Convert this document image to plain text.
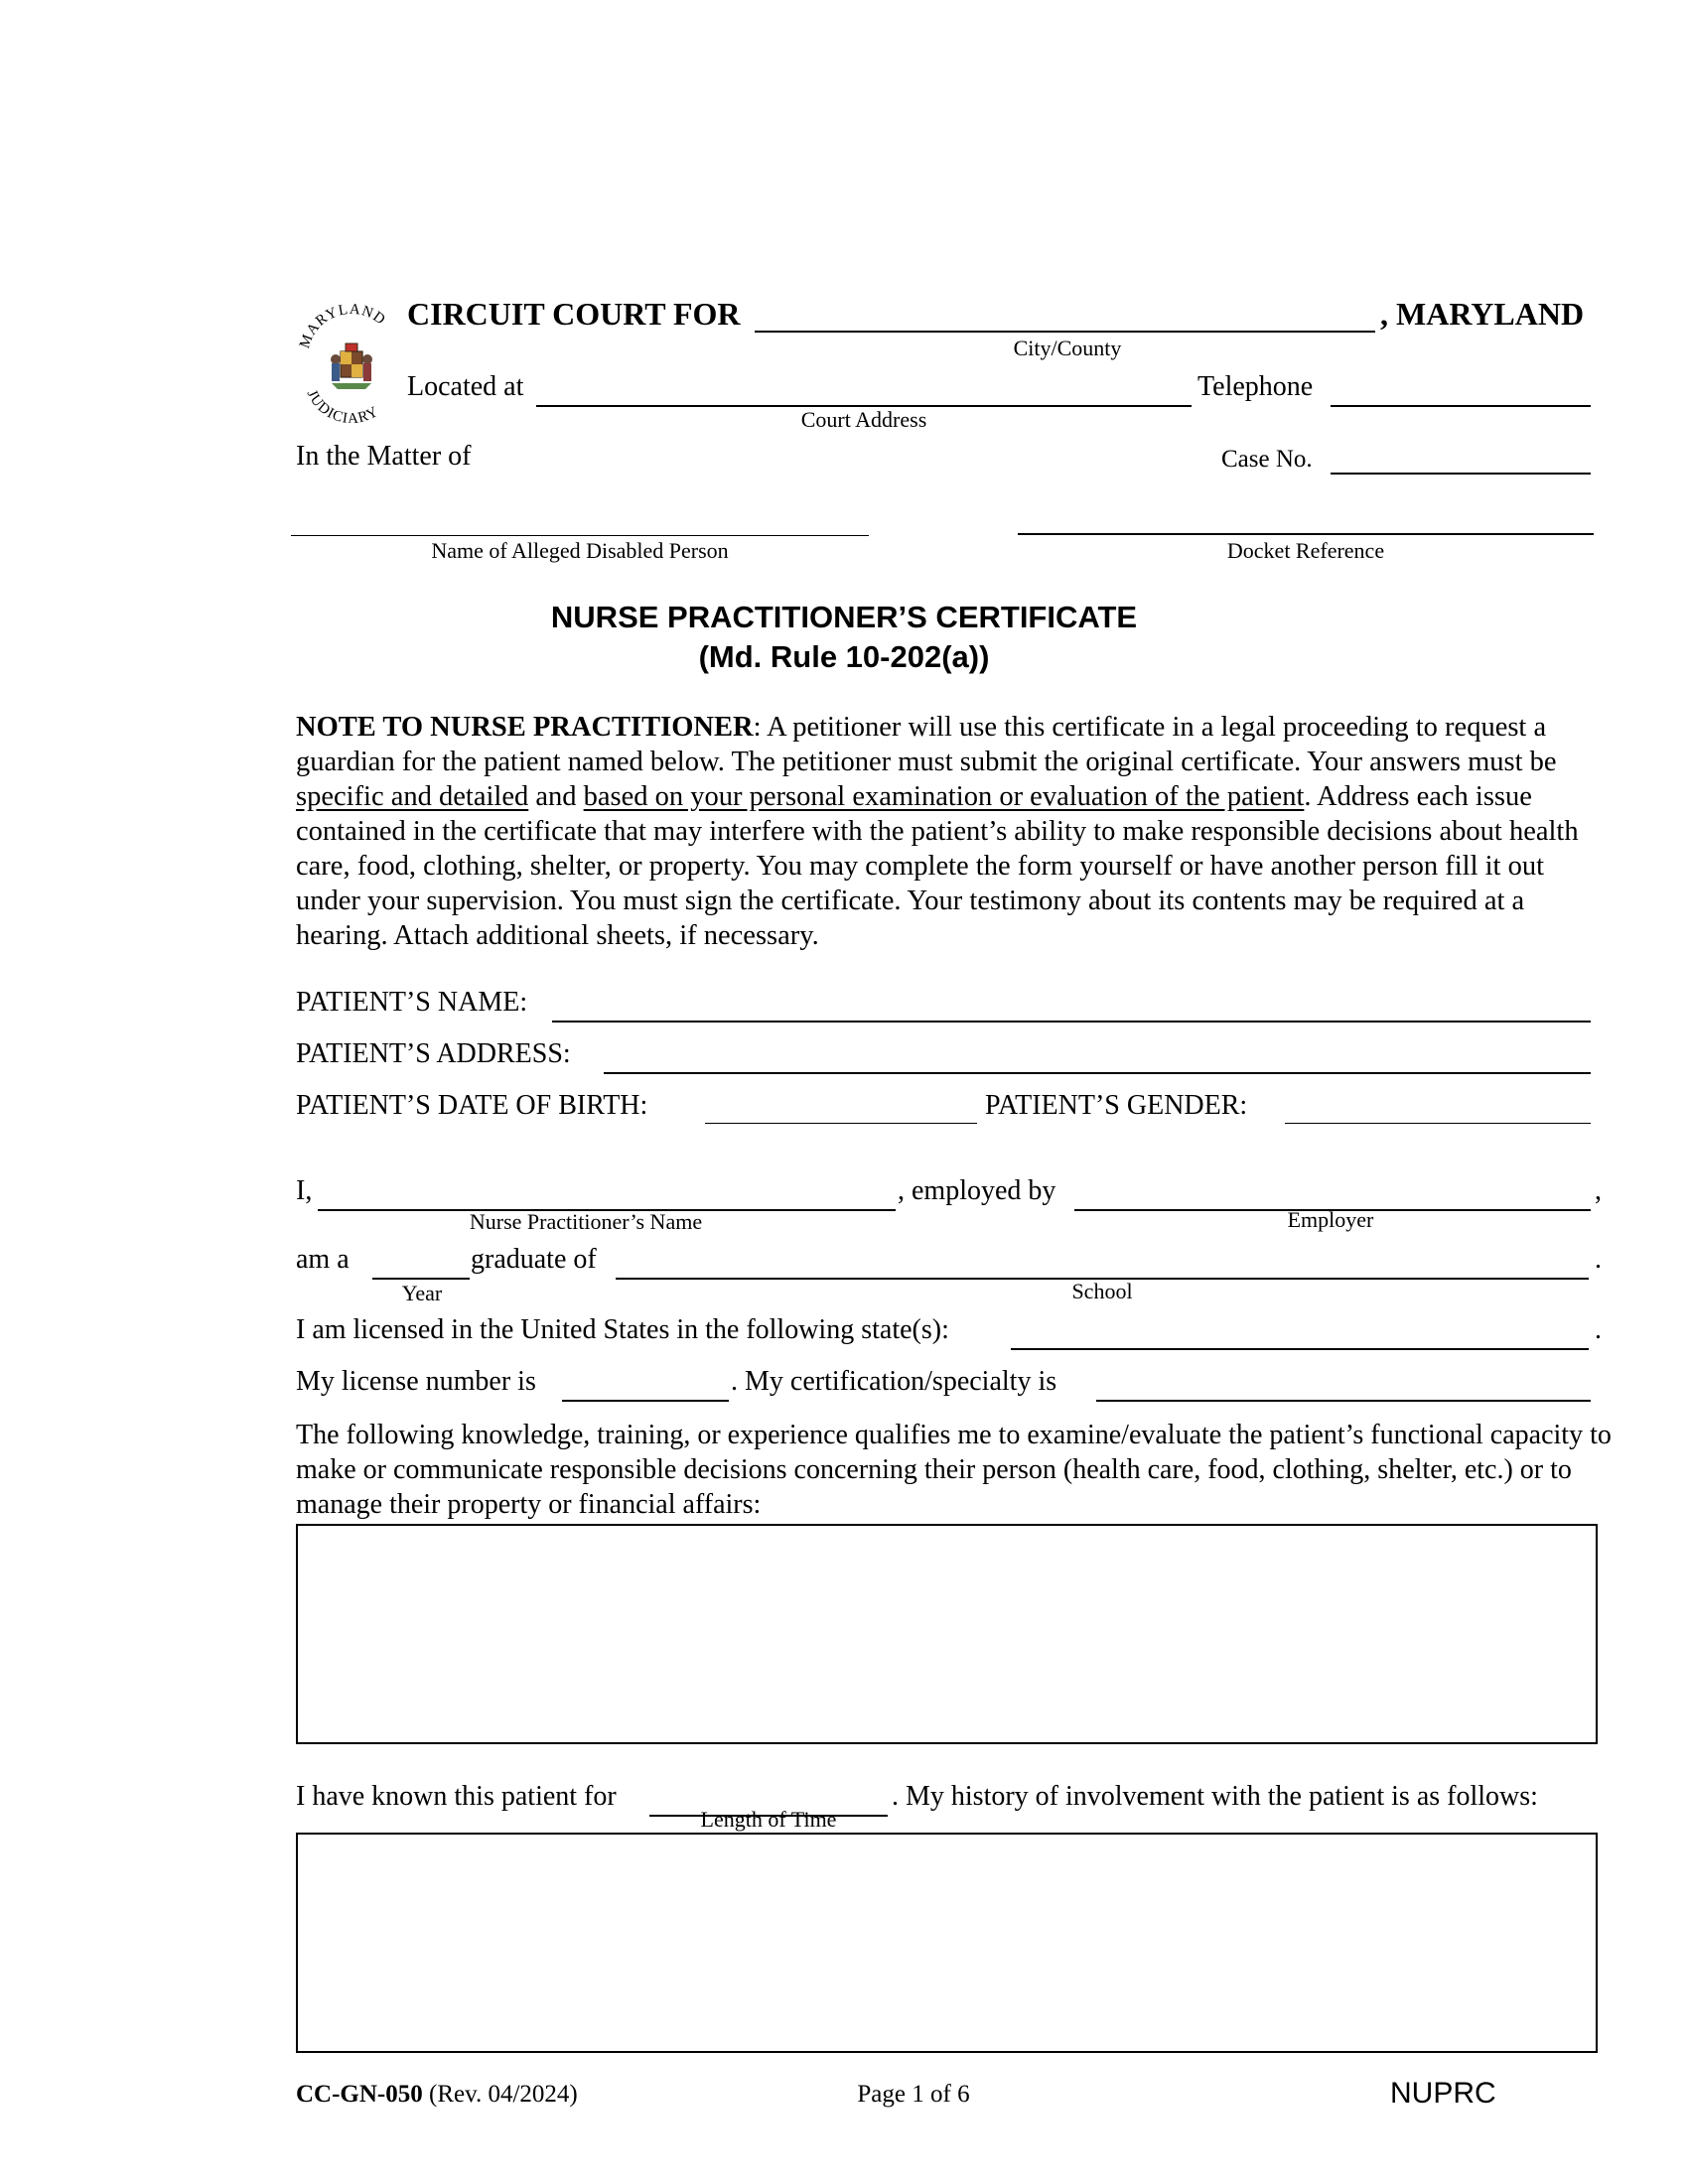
MARYLAND
JUDICIARY
CIRCUIT COURT FOR	, MARYLAND
City/County
Located at
Court Address
Telephone
In the Matter of	Case No.
Name of Alleged Disabled Person	Docket Reference
NURSE PRACTITIONER’S CERTIFICATE
(Md. Rule 10-202(a))

NOTE TO NURSE PRACTITIONER: A petitioner will use this certificate in a legal proceeding to request a guardian for the patient named below. The petitioner must submit the original certificate. Your answers must be specific and detailed and based on your personal examination or evaluation of the patient. Address each issue contained in the certificate that may interfere with the patient’s ability to make responsible decisions about health care, food, clothing, shelter, or property. You may complete the form yourself or have another person fill it out under your supervision. You must sign the certificate. Your testimony about its contents may be required at a hearing. Attach additional sheets, if necessary.

PATIENT’S NAME:
PATIENT’S ADDRESS:
PATIENT’S DATE OF BIRTH:	PATIENT’S GENDER:
I,
Nurse Practitioner’s Name
, employed by
Employer
,
am a
Year
graduate of
School
.
I am licensed in the United States in the following state(s):	.
My license number is	. My certification/specialty is
The following knowledge, training, or experience qualifies me to examine/evaluate the patient’s functional capacity to make or communicate responsible decisions concerning their person (health care, food, clothing, shelter, etc.) or to manage their property or financial affairs:
I have known this patient for
Length of Time
. My history of involvement with the patient is as follows:
CC-GN-050 (Rev. 04/2024)	Page 1 of 6	NUPRC
